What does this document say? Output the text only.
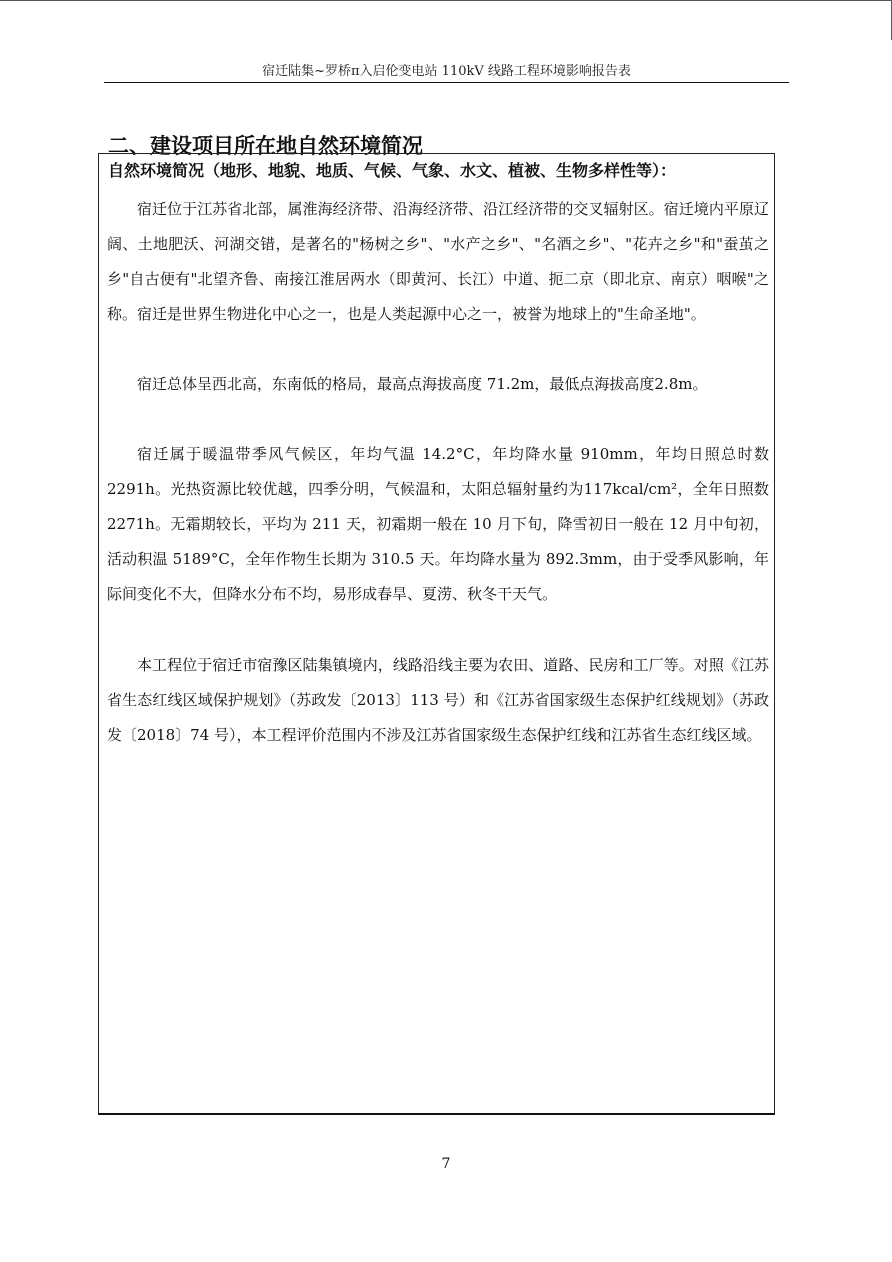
宿迁陆集~罗桥π入启伦变电站 110kV 线路工程环境影响报告表
二、建设项目所在地自然环境简况
自然环境简况（地形、地貌、地质、气候、气象、水文、植被、生物多样性等）：

宿迁位于江苏省北部，属淮海经济带、沿海经济带、沿江经济带的交叉辐射区。宿迁境内平原辽阔、土地肥沃、河湖交错，是著名的"杨树之乡"、"水产之乡"、"名酒之乡"、"花卉之乡"和"蚕茧之乡"自古便有"北望齐鲁、南接江淮居两水（即黄河、长江）中道、扼二京（即北京、南京）咽喉"之称。宿迁是世界生物进化中心之一，也是人类起源中心之一，被誉为地球上的"生命圣地"。

宿迁总体呈西北高，东南低的格局，最高点海拔高度 71.2m，最低点海拔高度2.8m。

宿迁属于暖温带季风气候区，年均气温 14.2°C，年均降水量 910mm，年均日照总时数 2291h。光热资源比较优越，四季分明，气候温和，太阳总辐射量约为117kcal/cm²，全年日照数 2271h。无霜期较长，平均为 211 天，初霜期一般在 10 月下旬，降雪初日一般在 12 月中旬初，活动积温 5189°C，全年作物生长期为 310.5 天。年均降水量为 892.3mm，由于受季风影响，年际间变化不大，但降水分布不均，易形成春旱、夏涝、秋冬干天气。

本工程位于宿迁市宿豫区陆集镇境内，线路沿线主要为农田、道路、民房和工厂等。对照《江苏省生态红线区域保护规划》（苏政发〔2013〕113 号）和《江苏省国家级生态保护红线规划》（苏政发〔2018〕74 号），本工程评价范围内不涉及江苏省国家级生态保护红线和江苏省生态红线区域。

7
